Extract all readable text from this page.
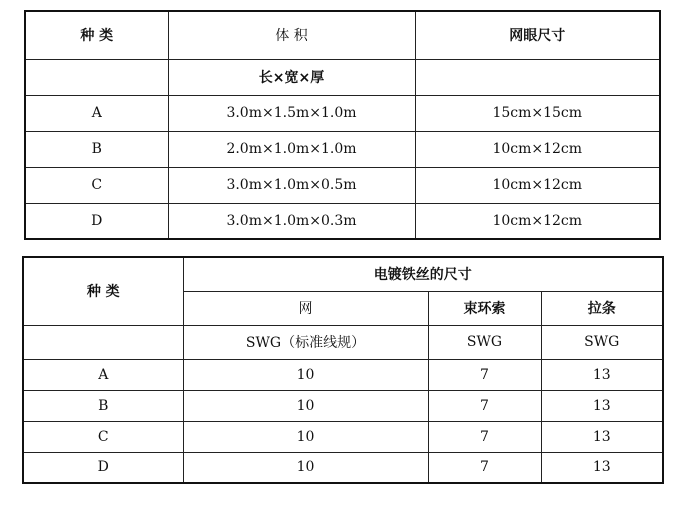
种 类	体 积	网眼尺寸
	长×宽×厚	
A	3.0m×1.5m×1.0m	15cm×15cm
B	2.0m×1.0m×1.0m	10cm×12cm
C	3.0m×1.0m×0.5m	10cm×12cm
D	3.0m×1.0m×0.3m	10cm×12cm
种 类	电镀铁丝的尺寸		
	网	束环索	拉条
	SWG（标准线规）	SWG	SWG
A	10	7	13
B	10	7	13
C	10	7	13
D	10	7	13
